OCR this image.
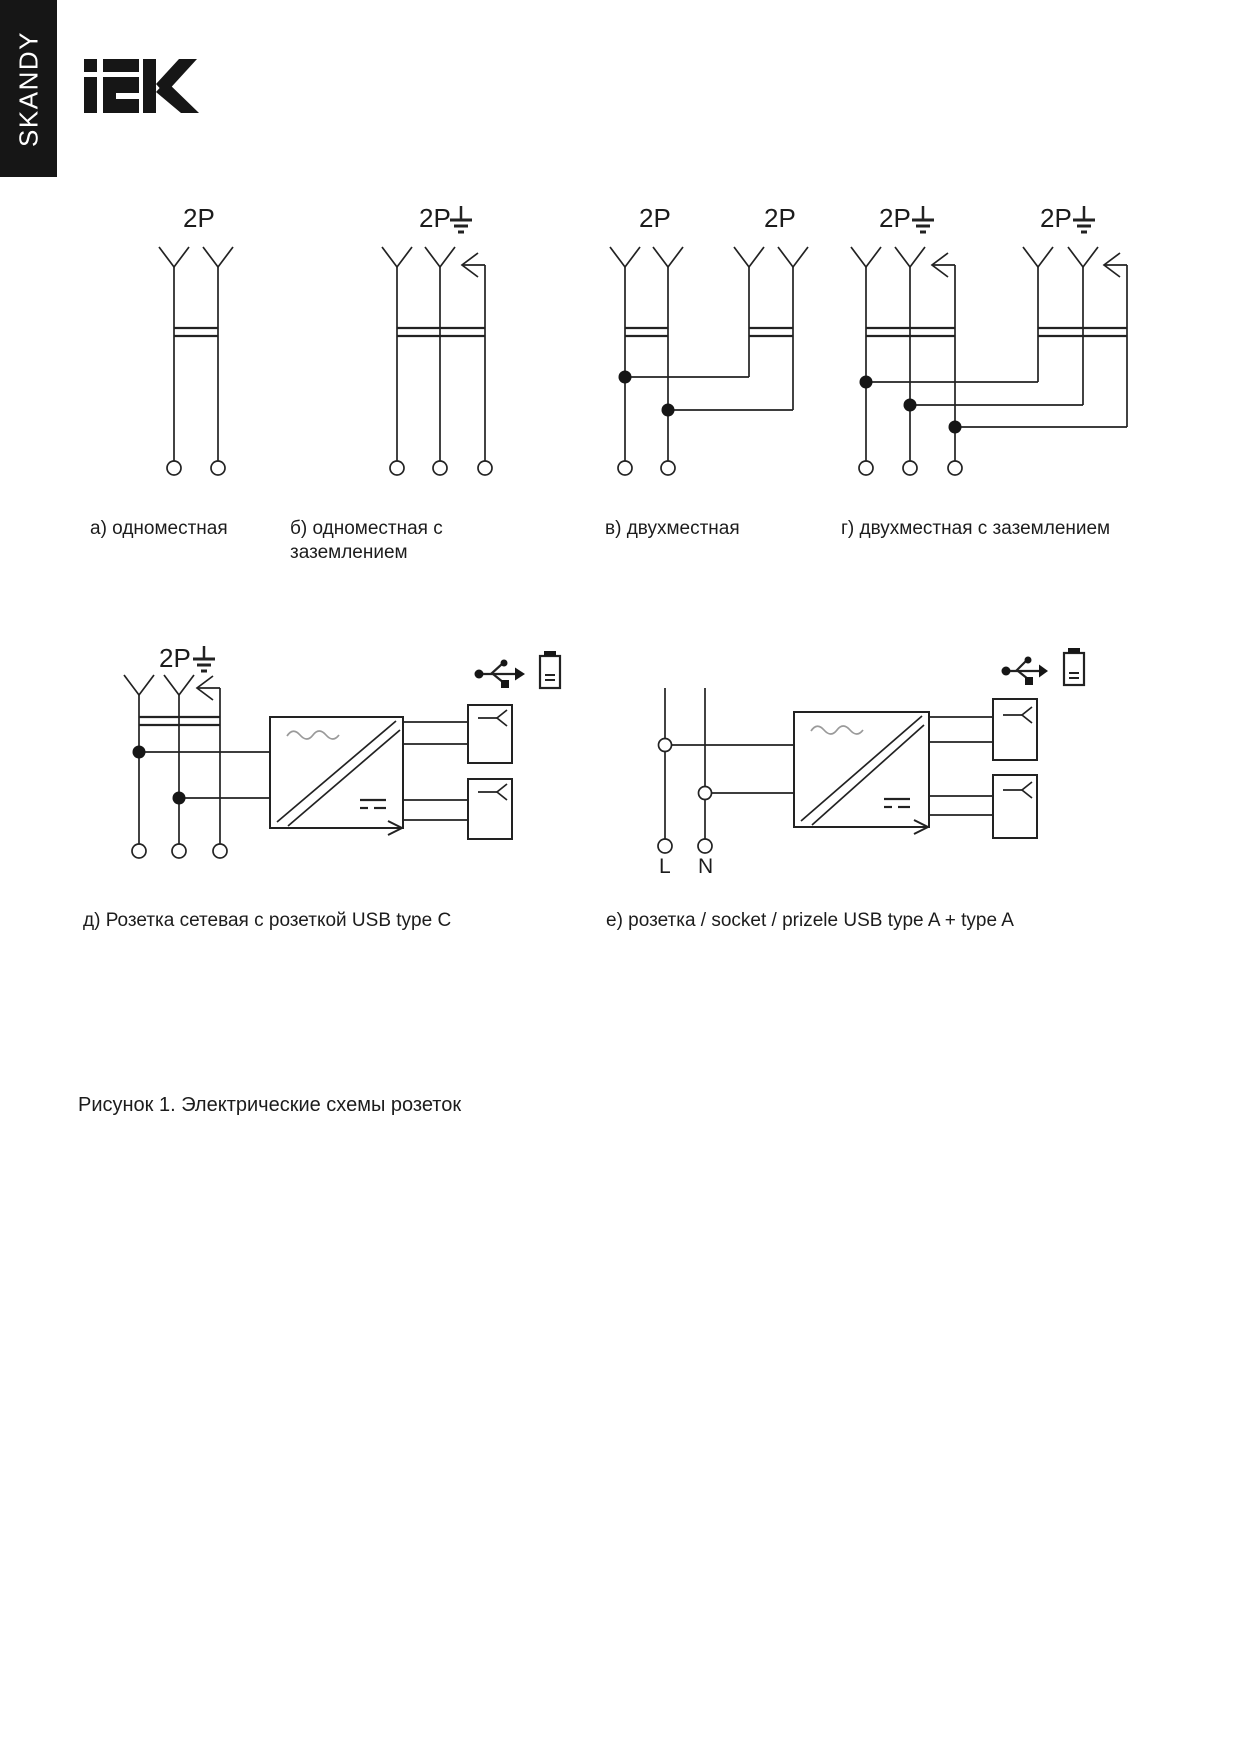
SKANDY
2P	2P	2P	2P	2P	2P
2P
L N
а) одноместная	б) одноместная с
заземлением
в) двухместная	г) двухместная с заземлением
д) Розетка сетевая с розеткой USB type C	е) розетка / socket / prizele USB type A + type A
Рисунок 1. Электрические схемы розеток
